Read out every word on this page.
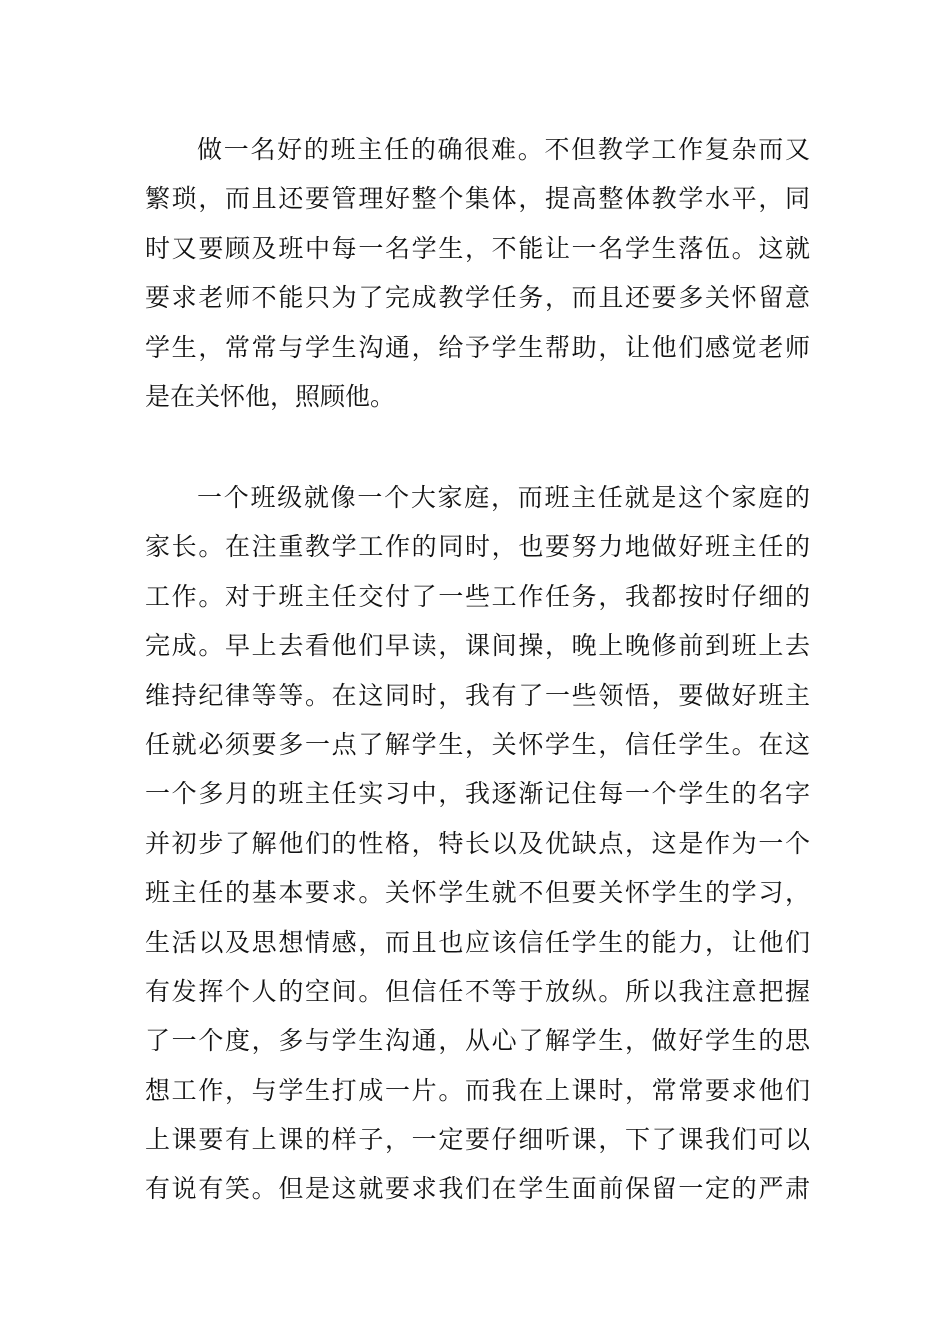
做一名好的班主任的确很难。不但教学工作复杂而又
繁琐，而且还要管理好整个集体，提高整体教学水平，同
时又要顾及班中每一名学生，不能让一名学生落伍。这就
要求老师不能只为了完成教学任务，而且还要多关怀留意
学生，常常与学生沟通，给予学生帮助，让他们感觉老师
是在关怀他，照顾他。
一个班级就像一个大家庭，而班主任就是这个家庭的
家长。在注重教学工作的同时，也要努力地做好班主任的
工作。对于班主任交付了一些工作任务，我都按时仔细的
完成。早上去看他们早读，课间操，晚上晚修前到班上去
维持纪律等等。在这同时，我有了一些领悟，要做好班主
任就必须要多一点了解学生，关怀学生，信任学生。在这
一个多月的班主任实习中，我逐渐记住每一个学生的名字
并初步了解他们的性格，特长以及优缺点，这是作为一个
班主任的基本要求。关怀学生就不但要关怀学生的学习，
生活以及思想情感，而且也应该信任学生的能力，让他们
有发挥个人的空间。但信任不等于放纵。所以我注意把握
了一个度，多与学生沟通，从心了解学生，做好学生的思
想工作，与学生打成一片。而我在上课时，常常要求他们
上课要有上课的样子，一定要仔细听课，下了课我们可以
有说有笑。但是这就要求我们在学生面前保留一定的严肃
